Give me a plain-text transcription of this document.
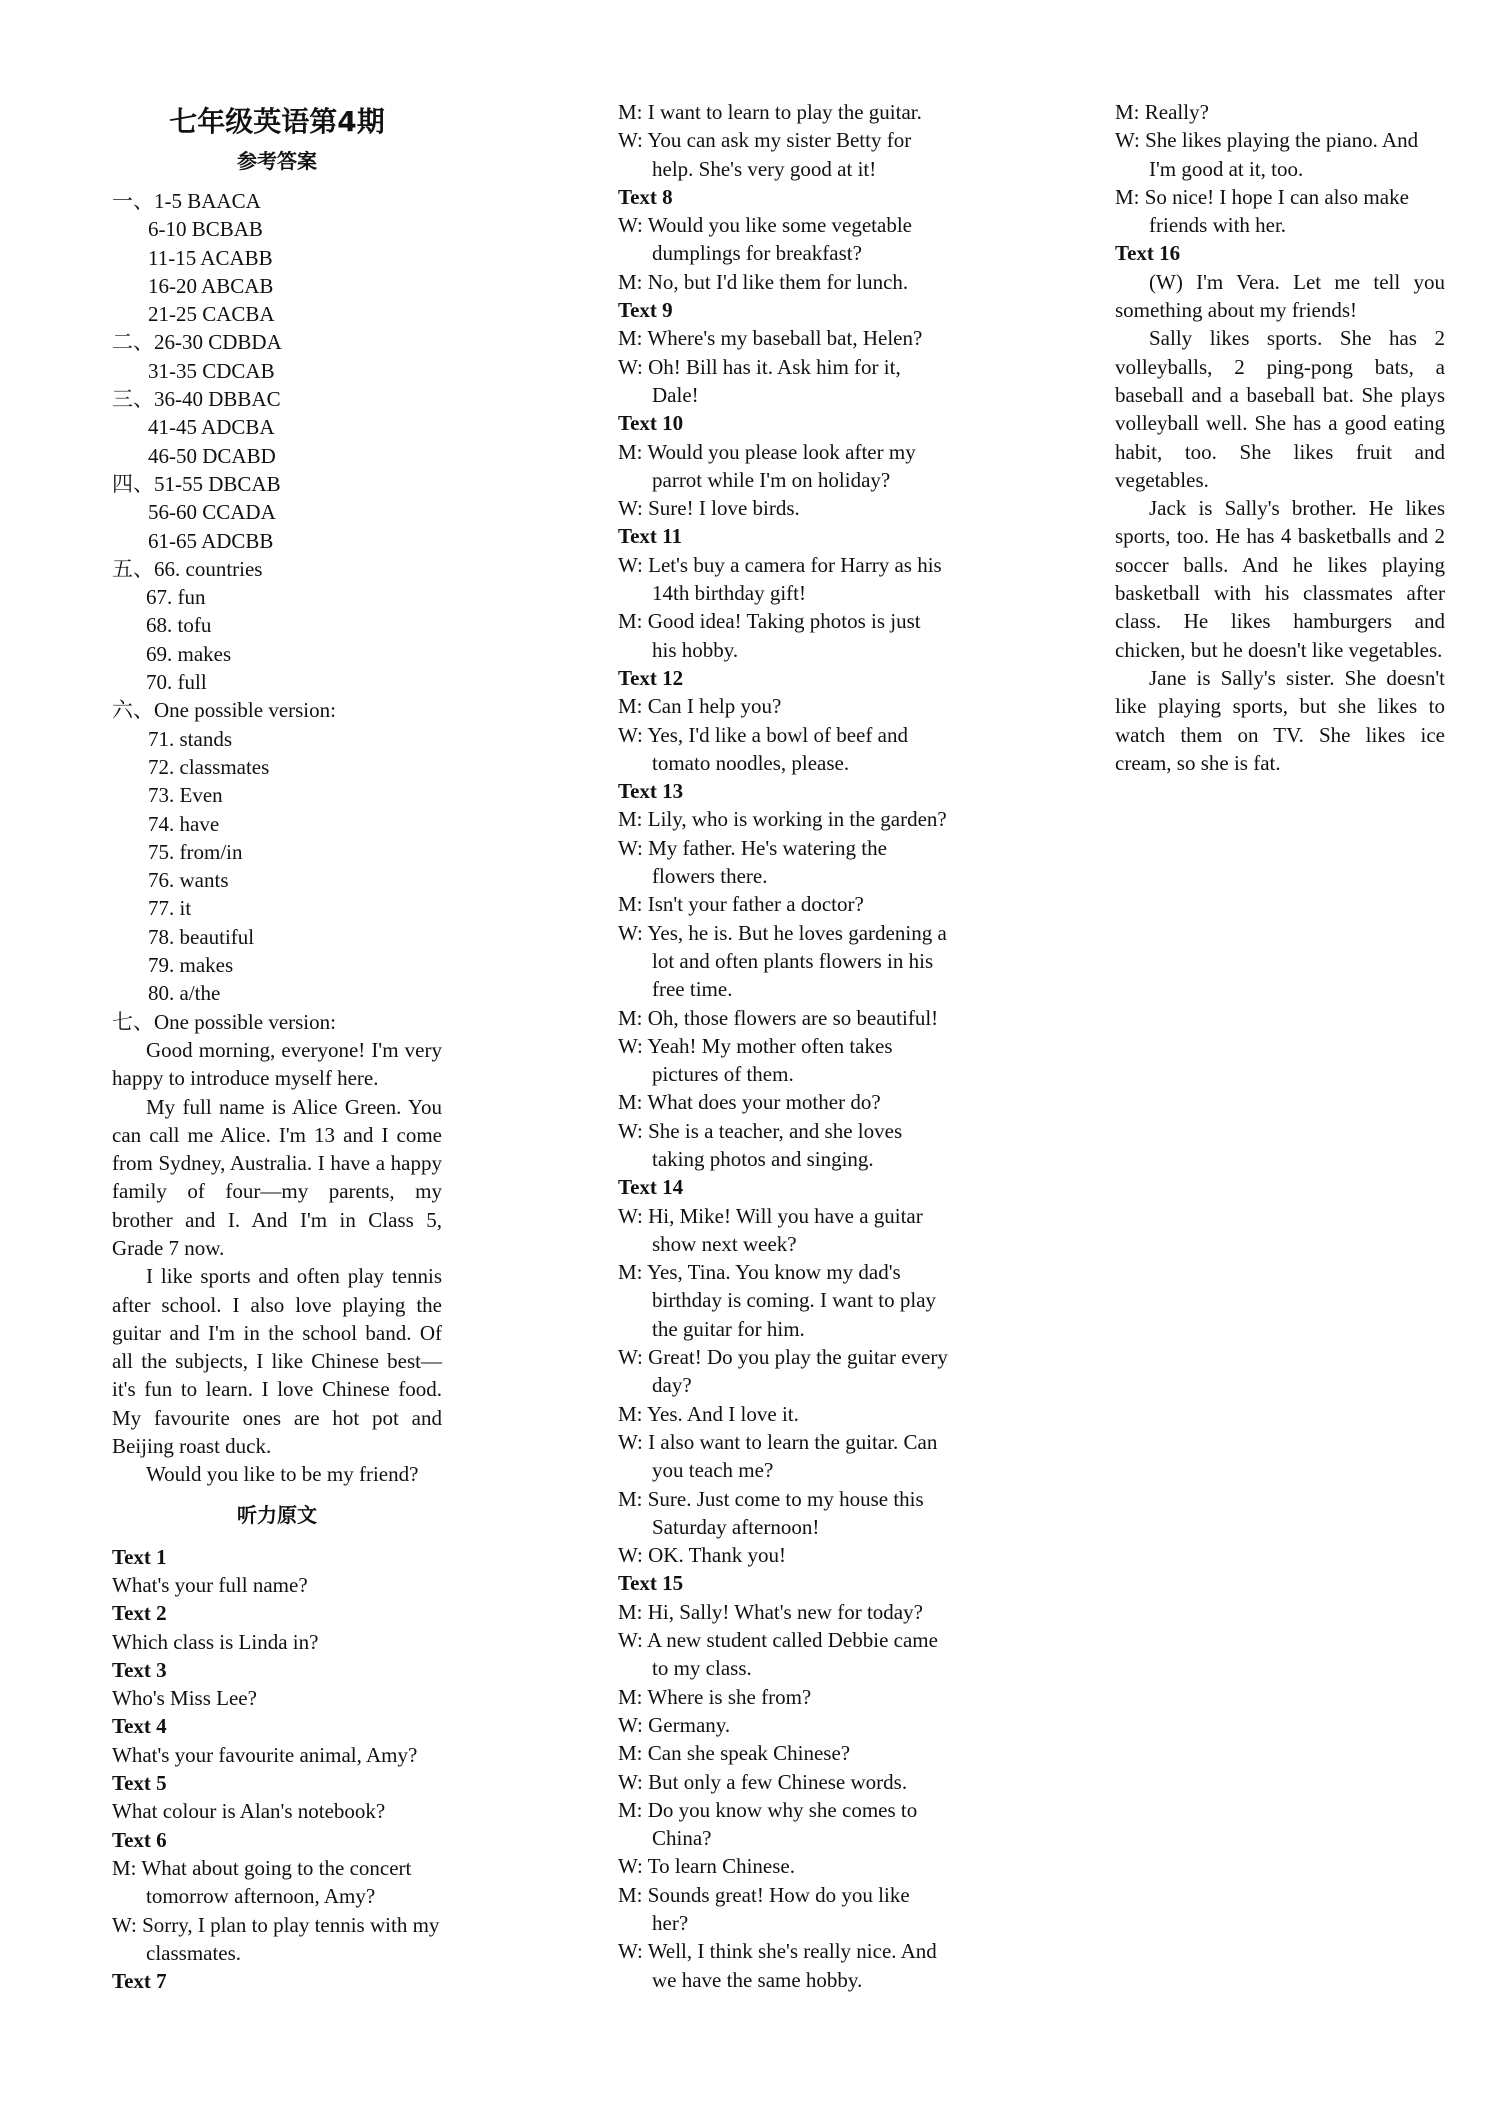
七年级英语第4期
参考答案
一、1-5 BAACA
6-10 BCBAB
11-15 ACABB
16-20 ABCAB
21-25 CACBA
二、26-30 CDBDA
31-35 CDCAB
三、36-40 DBBAC
41-45 ADCBA
46-50 DCABD
四、51-55 DBCAB
56-60 CCADA
61-65 ADCBB
五、66. countries
67. fun
68. tofu
69. makes
70. full
六、One possible version:
71. stands
72. classmates
73. Even
74. have
75. from/in
76. wants
77. it
78. beautiful
79. makes
80. a/the
七、One possible version:
Good morning, everyone! I'm very happy to introduce myself here.
My full name is Alice Green. You can call me Alice. I'm 13 and I come from Sydney, Australia. I have a happy family of four—my parents, my brother and I. And I'm in Class 5, Grade 7 now.
I like sports and often play tennis after school. I also love playing the guitar and I'm in the school band. Of all the subjects, I like Chinese best—it's fun to learn. I love Chinese food. My favourite ones are hot pot and Beijing roast duck.
Would you like to be my friend?
听力原文
Text 1
What's your full name?
Text 2
Which class is Linda in?
Text 3
Who's Miss Lee?
Text 4
What's your favourite animal, Amy?
Text 5
What colour is Alan's notebook?
Text 6
M: What about going to the concert tomorrow afternoon, Amy?
W: Sorry, I plan to play tennis with my classmates.
Text 7
M: I want to learn to play the guitar.
W: You can ask my sister Betty for help. She's very good at it!
Text 8
W: Would you like some vegetable dumplings for breakfast?
M: No, but I'd like them for lunch.
Text 9
M: Where's my baseball bat, Helen?
W: Oh! Bill has it. Ask him for it, Dale!
Text 10
M: Would you please look after my parrot while I'm on holiday?
W: Sure! I love birds.
Text 11
W: Let's buy a camera for Harry as his 14th birthday gift!
M: Good idea! Taking photos is just his hobby.
Text 12
M: Can I help you?
W: Yes, I'd like a bowl of beef and tomato noodles, please.
Text 13
M: Lily, who is working in the garden?
W: My father. He's watering the flowers there.
M: Isn't your father a doctor?
W: Yes, he is. But he loves gardening a lot and often plants flowers in his free time.
M: Oh, those flowers are so beautiful!
W: Yeah! My mother often takes pictures of them.
M: What does your mother do?
W: She is a teacher, and she loves taking photos and singing.
Text 14
W: Hi, Mike! Will you have a guitar show next week?
M: Yes, Tina. You know my dad's birthday is coming. I want to play the guitar for him.
W: Great! Do you play the guitar every day?
M: Yes. And I love it.
W: I also want to learn the guitar. Can you teach me?
M: Sure. Just come to my house this Saturday afternoon!
W: OK. Thank you!
Text 15
M: Hi, Sally! What's new for today?
W: A new student called Debbie came to my class.
M: Where is she from?
W: Germany.
M: Can she speak Chinese?
W: But only a few Chinese words.
M: Do you know why she comes to China?
W: To learn Chinese.
M: Sounds great! How do you like her?
W: Well, I think she's really nice. And we have the same hobby.
M: Really?
W: She likes playing the piano. And I'm good at it, too.
M: So nice! I hope I can also make friends with her.
Text 16
(W) I'm Vera. Let me tell you something about my friends!
Sally likes sports. She has 2 volleyballs, 2 ping-pong bats, a baseball and a baseball bat. She plays volleyball well. She has a good eating habit, too. She likes fruit and vegetables.
Jack is Sally's brother. He likes sports, too. He has 4 basketballs and 2 soccer balls. And he likes playing basketball with his classmates after class. He likes hamburgers and chicken, but he doesn't like vegetables.
Jane is Sally's sister. She doesn't like playing sports, but she likes to watch them on TV. She likes ice cream, so she is fat.
